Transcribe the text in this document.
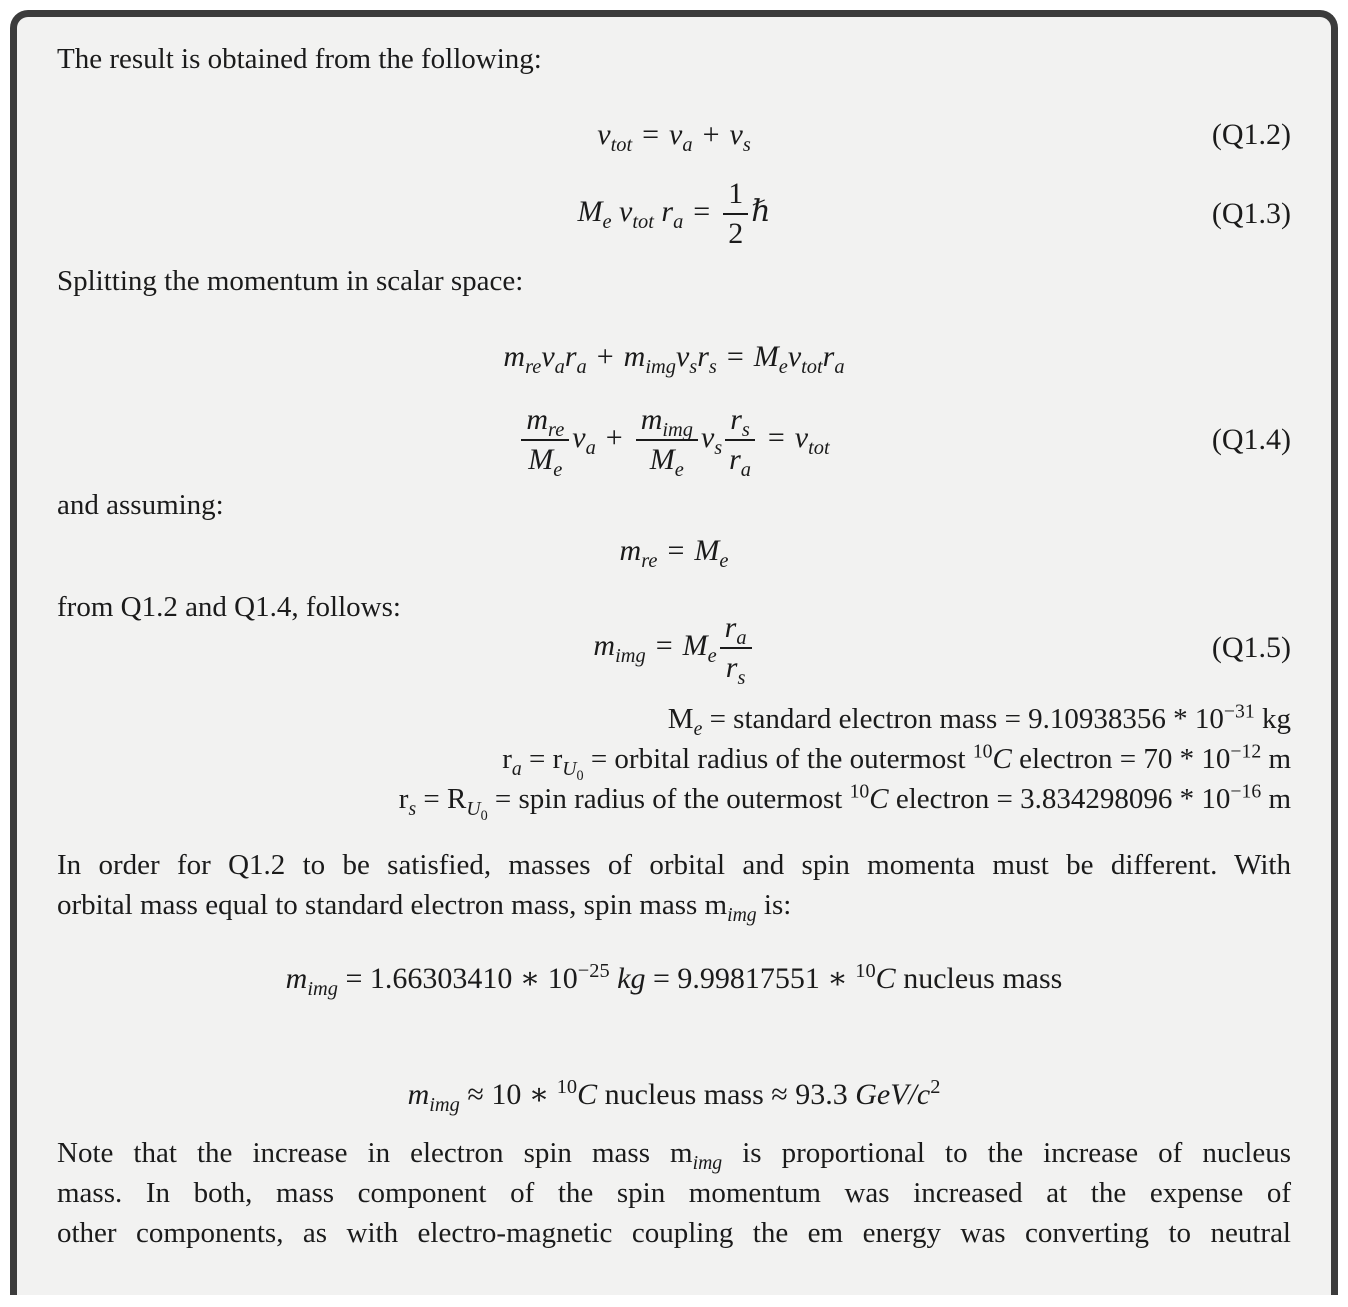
The result is obtained from the following:

$v_{tot} = v_a + v_s$	(Q1.2)
$M_e$ $v_{tot}$ $r_a = \frac{1}{2}$ ℏ	(Q1.3)

Splitting the momentum in scalar space:

$m_{re}v_ar_a + m_{img}v_sr_s = M_ev_{tot}r_a$
$\frac{m_{re}}{M_e} v_a + \frac{m_{img}}{M_e} v_s \frac{r_s}{r_a} = v_{tot}$	(Q1.4)

and assuming:

$m_{re} = M_e$

from Q1.2 and Q1.4, follows:

$m_{img} = M_e \frac{r_a}{r_s}$	(Q1.5)
$M_e$ = standard electron mass = $9.10938356 * 10^{-31}$ kg
$r_a = r_{U_0}$ = orbital radius of the outermost $^{10}$C electron = $70 * 10^{-12}$ m
$r_s = R_{U_0}$ = spin radius of the outermost $^{10}$C electron = $3.834298096 * 10^{-16}$ m
In order for Q1.2 to be satisfied, masses of orbital and spin momenta must be different. With
orbital mass equal to standard electron mass, spin mass $m_{img}$ is:
$m_{img} = 1.66303410$ ∗ $10^{-25}$ kg = 9.99817551 ∗ $^{10}$C nucleus mass
$m_{img} \approx 10$ ∗ $^{10}$C nucleus mass ≈ 93.3 GeV/$c^2$
Note that the increase in electron spin mass $m_{img}$ is proportional to the increase of nucleus
mass. In both, mass component of the spin momentum was increased at the expense of
other components, as with electro-magnetic coupling the em energy was converting to neutral
